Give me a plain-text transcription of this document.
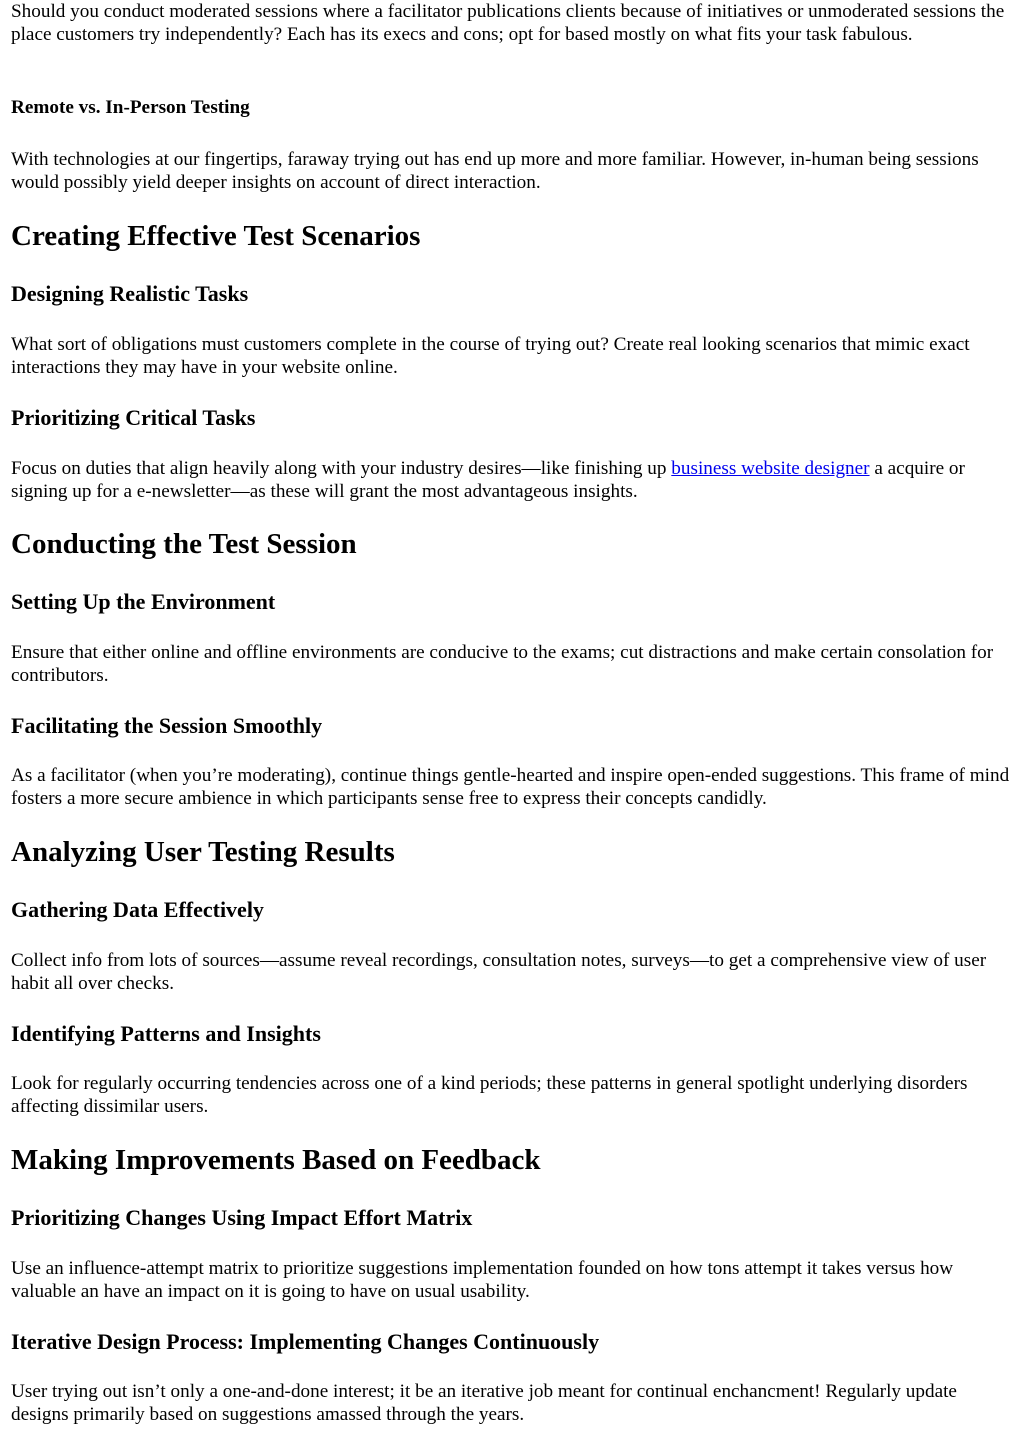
Should you conduct moderated sessions where a facilitator publications clients because of initiatives or unmoderated sessions the place customers try independently? Each has its execs and cons; opt for based mostly on what fits your task fabulous.

Remote vs. In-Person Testing

With technologies at our fingertips, faraway trying out has end up more and more familiar. However, in-human being sessions would possibly yield deeper insights on account of direct interaction.

Creating Effective Test Scenarios
Designing Realistic Tasks

What sort of obligations must customers complete in the course of trying out? Create real looking scenarios that mimic exact interactions they may have in your website online.

Prioritizing Critical Tasks

Focus on duties that align heavily along with your industry desires—like finishing up business website designer a acquire or signing up for a e-newsletter—as these will grant the most advantageous insights.

Conducting the Test Session
Setting Up the Environment

Ensure that either online and offline environments are conducive to the exams; cut distractions and make certain consolation for contributors.

Facilitating the Session Smoothly

As a facilitator (when you’re moderating), continue things gentle-hearted and inspire open-ended suggestions. This frame of mind fosters a more secure ambience in which participants sense free to express their concepts candidly.

Analyzing User Testing Results
Gathering Data Effectively

Collect info from lots of sources—assume reveal recordings, consultation notes, surveys—to get a comprehensive view of user habit all over checks.

Identifying Patterns and Insights

Look for regularly occurring tendencies across one of a kind periods; these patterns in general spotlight underlying disorders affecting dissimilar users.

Making Improvements Based on Feedback
Prioritizing Changes Using Impact Effort Matrix

Use an influence-attempt matrix to prioritize suggestions implementation founded on how tons attempt it takes versus how valuable an have an impact on it is going to have on usual usability.

Iterative Design Process: Implementing Changes Continuously

User trying out isn’t only a one-and-done interest; it be an iterative job meant for continual enchancment! Regularly update designs primarily based on suggestions amassed through the years.
